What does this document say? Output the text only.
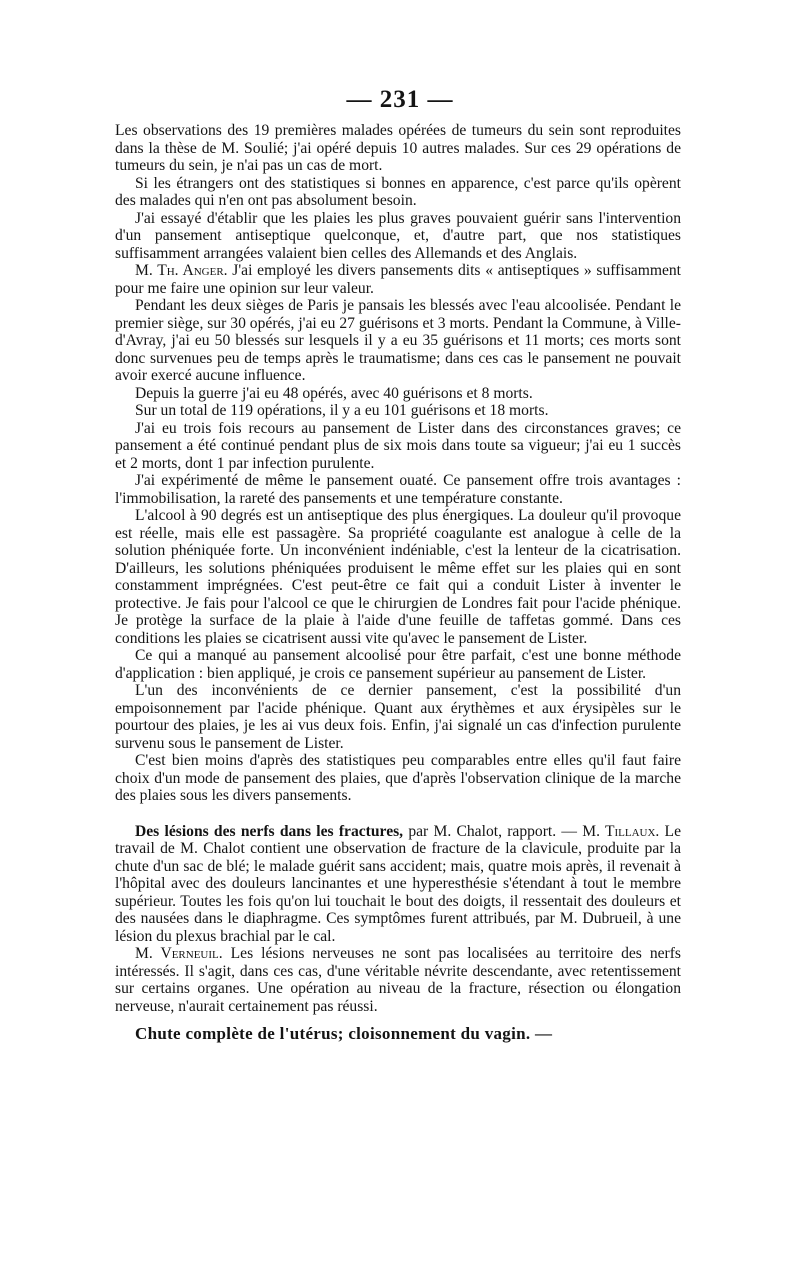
— 231 —

Les observations des 19 premières malades opérées de tumeurs du sein sont reproduites dans la thèse de M. Soulié; j'ai opéré depuis 10 autres malades. Sur ces 29 opérations de tumeurs du sein, je n'ai pas un cas de mort.

Si les étrangers ont des statistiques si bonnes en apparence, c'est parce qu'ils opèrent des malades qui n'en ont pas absolument besoin.

J'ai essayé d'établir que les plaies les plus graves pouvaient guérir sans l'intervention d'un pansement antiseptique quelconque, et, d'autre part, que nos statistiques suffisamment arrangées valaient bien celles des Allemands et des Anglais.

M. Th. Anger. J'ai employé les divers pansements dits « antiseptiques » suffisamment pour me faire une opinion sur leur valeur.

Pendant les deux sièges de Paris je pansais les blessés avec l'eau alcoolisée. Pendant le premier siège, sur 30 opérés, j'ai eu 27 guérisons et 3 morts. Pendant la Commune, à Ville-d'Avray, j'ai eu 50 blessés sur lesquels il y a eu 35 guérisons et 11 morts; ces morts sont donc survenues peu de temps après le traumatisme; dans ces cas le pansement ne pouvait avoir exercé aucune influence.

Depuis la guerre j'ai eu 48 opérés, avec 40 guérisons et 8 morts.

Sur un total de 119 opérations, il y a eu 101 guérisons et 18 morts.

J'ai eu trois fois recours au pansement de Lister dans des circonstances graves; ce pansement a été continué pendant plus de six mois dans toute sa vigueur; j'ai eu 1 succès et 2 morts, dont 1 par infection purulente.

J'ai expérimenté de même le pansement ouaté. Ce pansement offre trois avantages : l'immobilisation, la rareté des pansements et une température constante.

L'alcool à 90 degrés est un antiseptique des plus énergiques. La douleur qu'il provoque est réelle, mais elle est passagère. Sa propriété coagulante est analogue à celle de la solution phéniquée forte. Un inconvénient indéniable, c'est la lenteur de la cicatrisation. D'ailleurs, les solutions phéniquées produisent le même effet sur les plaies qui en sont constamment imprégnées. C'est peut-être ce fait qui a conduit Lister à inventer le protective. Je fais pour l'alcool ce que le chirurgien de Londres fait pour l'acide phénique. Je protège la surface de la plaie à l'aide d'une feuille de taffetas gommé. Dans ces conditions les plaies se cicatrisent aussi vite qu'avec le pansement de Lister.

Ce qui a manqué au pansement alcoolisé pour être parfait, c'est une bonne méthode d'application : bien appliqué, je crois ce pansement supérieur au pansement de Lister.

L'un des inconvénients de ce dernier pansement, c'est la possibilité d'un empoisonnement par l'acide phénique. Quant aux érythèmes et aux érysipèles sur le pourtour des plaies, je les ai vus deux fois. Enfin, j'ai signalé un cas d'infection purulente survenu sous le pansement de Lister.

C'est bien moins d'après des statistiques peu comparables entre elles qu'il faut faire choix d'un mode de pansement des plaies, que d'après l'observation clinique de la marche des plaies sous les divers pansements.

Des lésions des nerfs dans les fractures, par M. Chalot, rapport. — M. Tillaux. Le travail de M. Chalot contient une observation de fracture de la clavicule, produite par la chute d'un sac de blé; le malade guérit sans accident; mais, quatre mois après, il revenait à l'hôpital avec des douleurs lancinantes et une hyperesthésie s'étendant à tout le membre supérieur. Toutes les fois qu'on lui touchait le bout des doigts, il ressentait des douleurs et des nausées dans le diaphragme. Ces symptômes furent attribués, par M. Dubrueil, à une lésion du plexus brachial par le cal.

M. Verneuil. Les lésions nerveuses ne sont pas localisées au territoire des nerfs intéressés. Il s'agit, dans ces cas, d'une véritable névrite descendante, avec retentissement sur certains organes. Une opération au niveau de la fracture, résection ou élongation nerveuse, n'aurait certainement pas réussi.

Chute complète de l'utérus; cloisonnement du vagin. —
